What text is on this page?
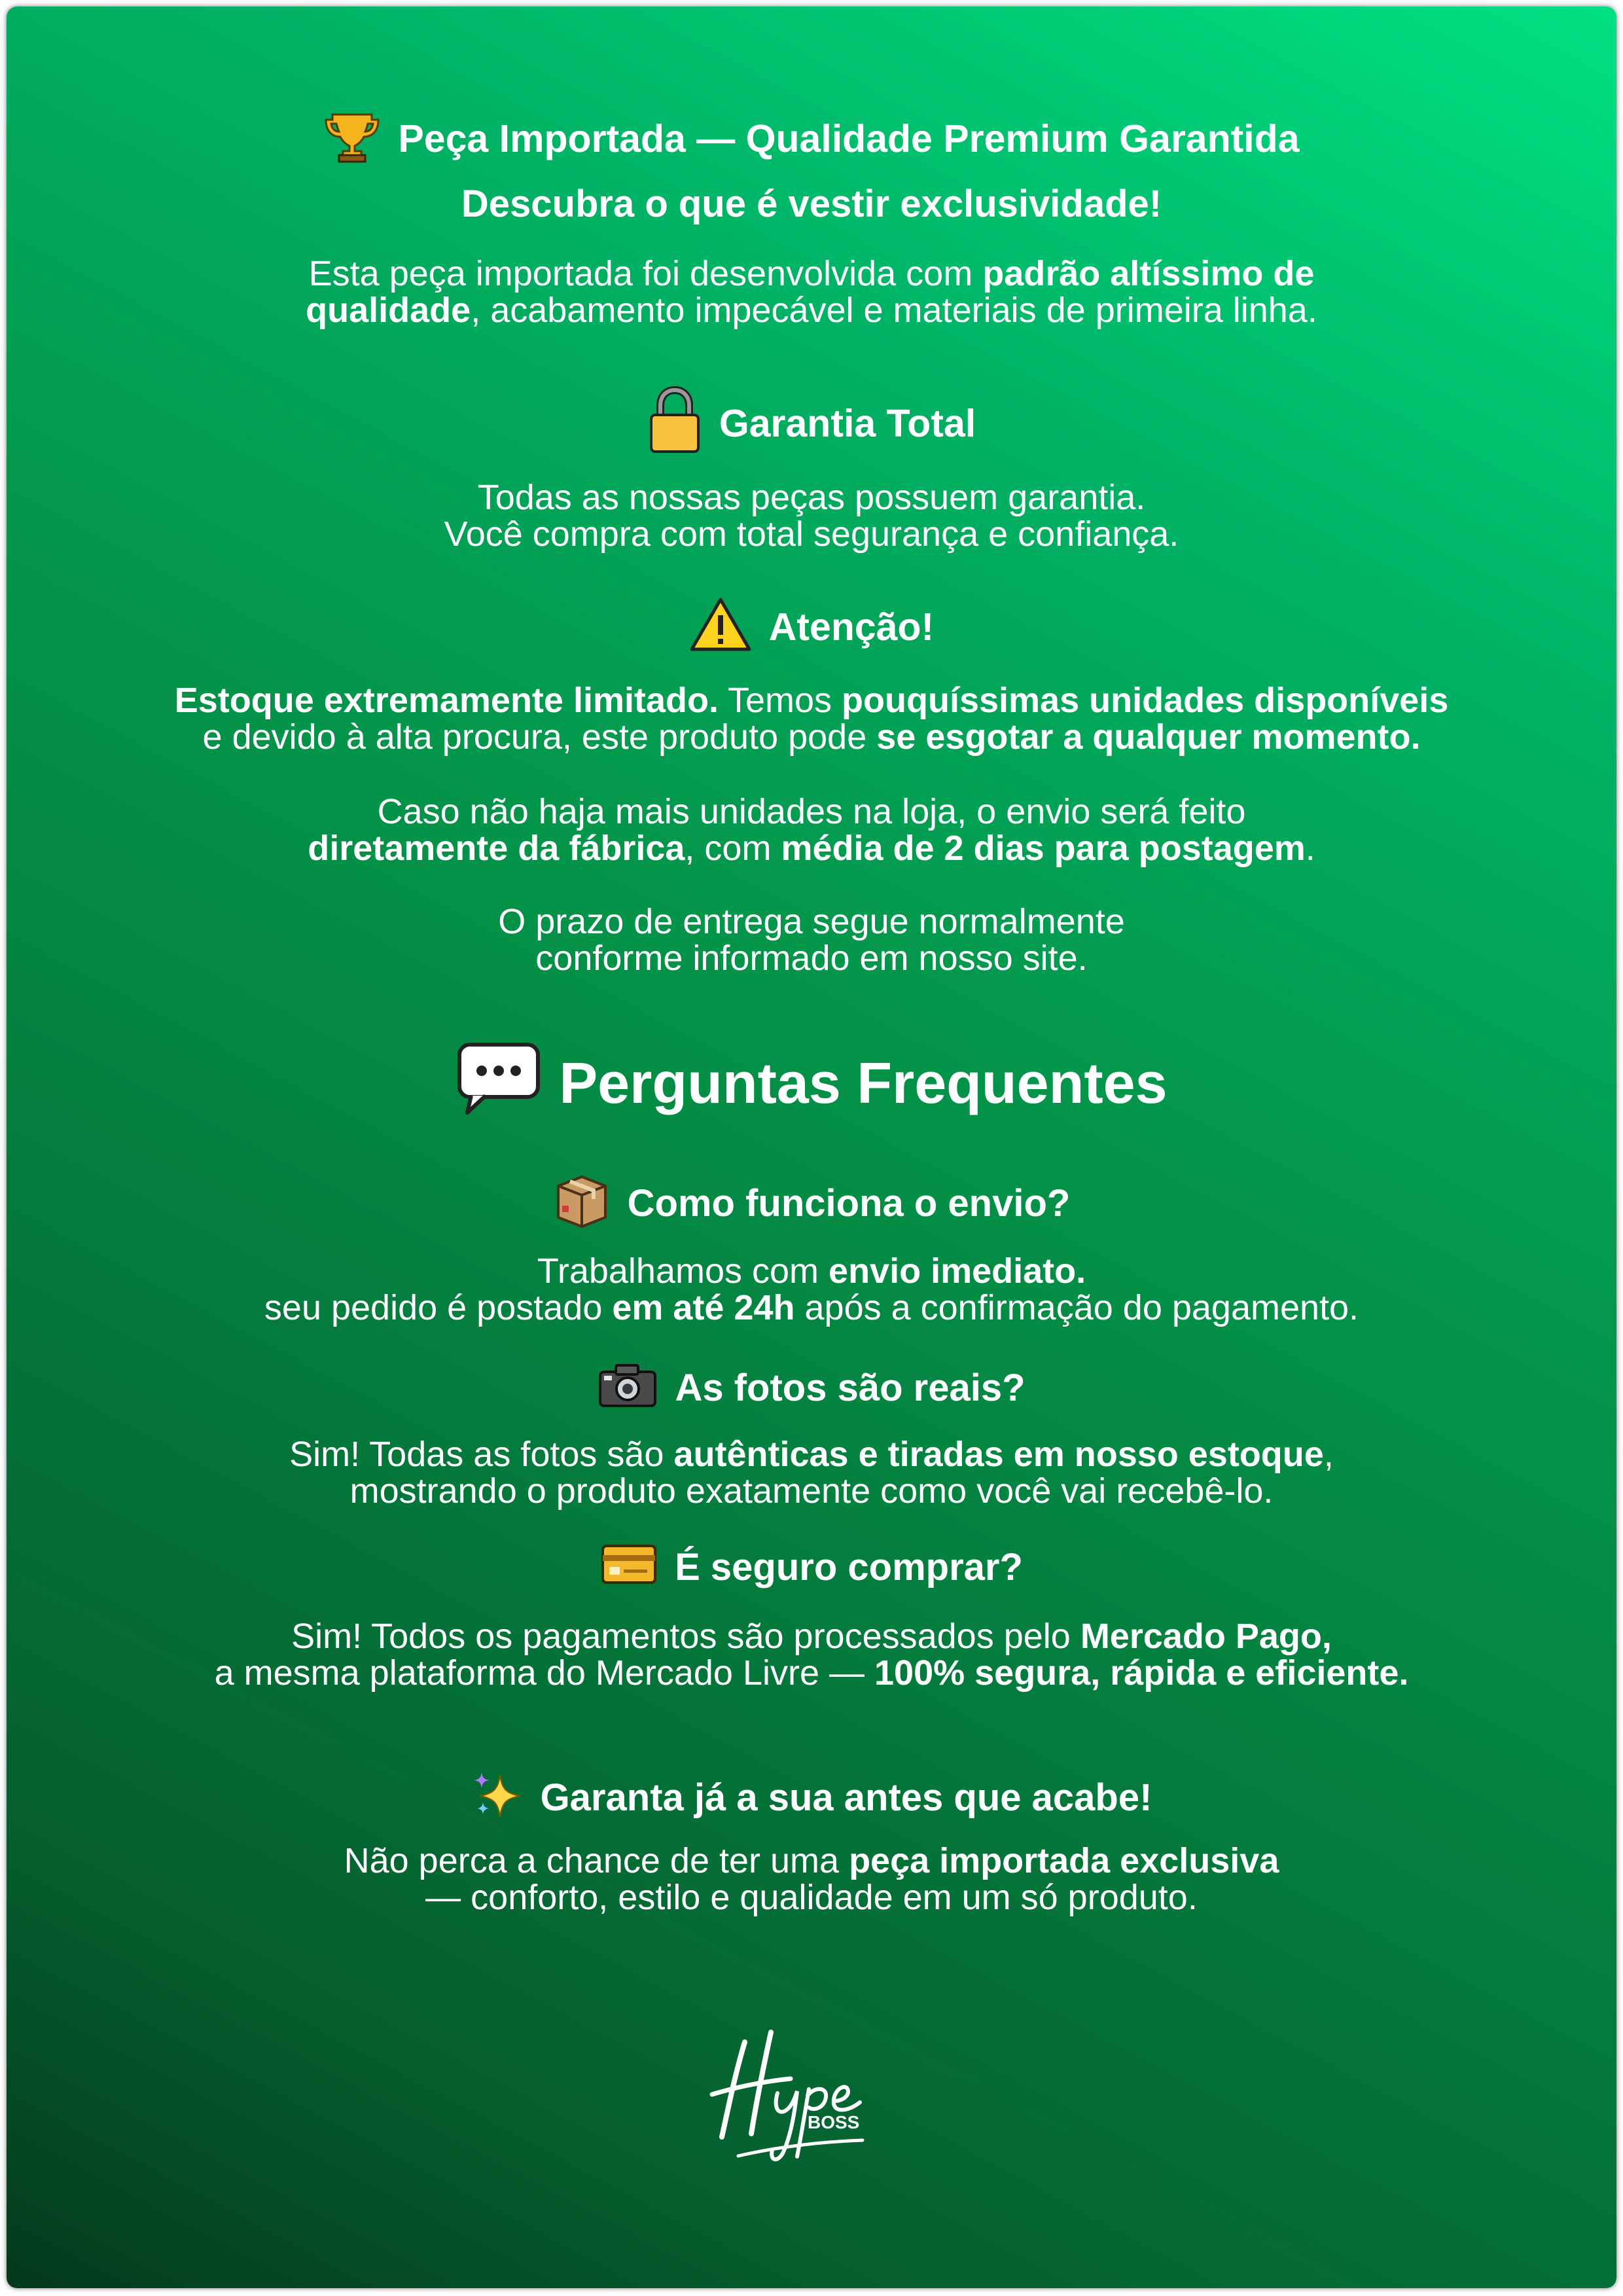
Peça Importada — Qualidade Premium Garantida
Descubra o que é vestir exclusividade!
Esta peça importada foi desenvolvida com padrão altíssimo de
qualidade, acabamento impecável e materiais de primeira linha.
Garantia Total
Todas as nossas peças possuem garantia.
Você compra com total segurança e confiança.
Atenção!
Estoque extremamente limitado. Temos pouquíssimas unidades disponíveis
e devido à alta procura, este produto pode se esgotar a qualquer momento.
Caso não haja mais unidades na loja, o envio será feito
diretamente da fábrica, com média de 2 dias para postagem.
O prazo de entrega segue normalmente
conforme informado em nosso site.
Perguntas Frequentes
Como funciona o envio?
Trabalhamos com envio imediato.
seu pedido é postado em até 24h após a confirmação do pagamento.
As fotos são reais?
Sim! Todas as fotos são autênticas e tiradas em nosso estoque,
mostrando o produto exatamente como você vai recebê-lo.
É seguro comprar?
Sim! Todos os pagamentos são processados pelo Mercado Pago,
a mesma plataforma do Mercado Livre — 100% segura, rápida e eficiente.
Garanta já a sua antes que acabe!
Não perca a chance de ter uma peça importada exclusiva
— conforto, estilo e qualidade em um só produto.
BOSS
